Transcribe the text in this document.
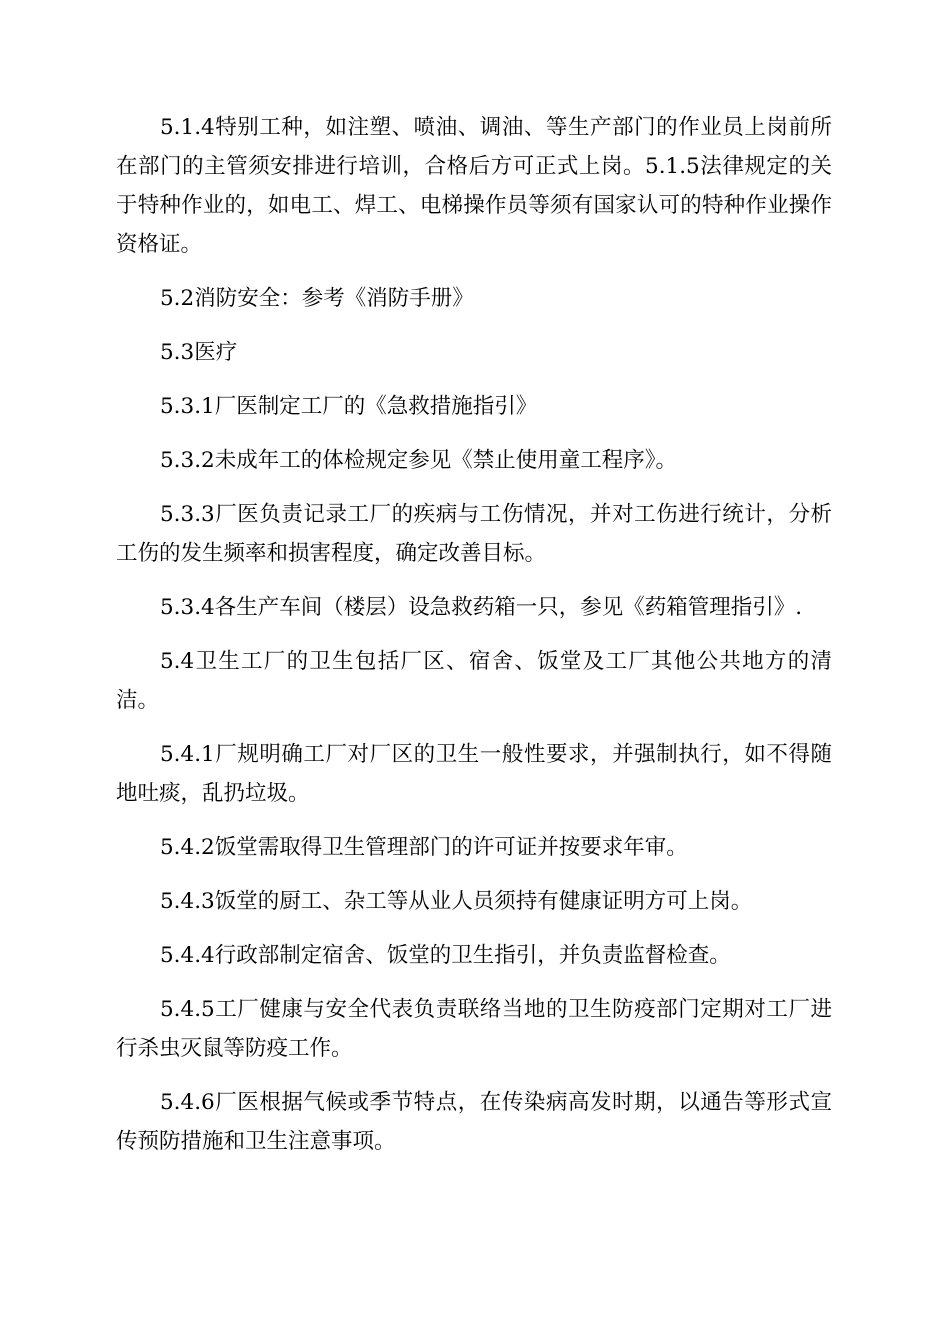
5.1.4特别工种，如注塑、喷油、调油、等生产部门的作业员上岗前所在部门的主管须安排进行培训，合格后方可正式上岗。5.1.5法律规定的关于特种作业的，如电工、焊工、电梯操作员等须有国家认可的特种作业操作资格证。

5.2消防安全：参考《消防手册》

5.3医疗

5.3.1厂医制定工厂的《急救措施指引》

5.3.2未成年工的体检规定参见《禁止使用童工程序》。

5.3.3厂医负责记录工厂的疾病与工伤情况，并对工伤进行统计，分析工伤的发生频率和损害程度，确定改善目标。

5.3.4各生产车间（楼层）设急救药箱一只，参见《药箱管理指引》.

5.4卫生工厂的卫生包括厂区、宿舍、饭堂及工厂其他公共地方的清洁。

5.4.1厂规明确工厂对厂区的卫生一般性要求，并强制执行，如不得随地吐痰，乱扔垃圾。

5.4.2饭堂需取得卫生管理部门的许可证并按要求年审。

5.4.3饭堂的厨工、杂工等从业人员须持有健康证明方可上岗。

5.4.4行政部制定宿舍、饭堂的卫生指引，并负责监督检查。

5.4.5工厂健康与安全代表负责联络当地的卫生防疫部门定期对工厂进行杀虫灭鼠等防疫工作。

5.4.6厂医根据气候或季节特点，在传染病高发时期，以通告等形式宣传预防措施和卫生注意事项。
